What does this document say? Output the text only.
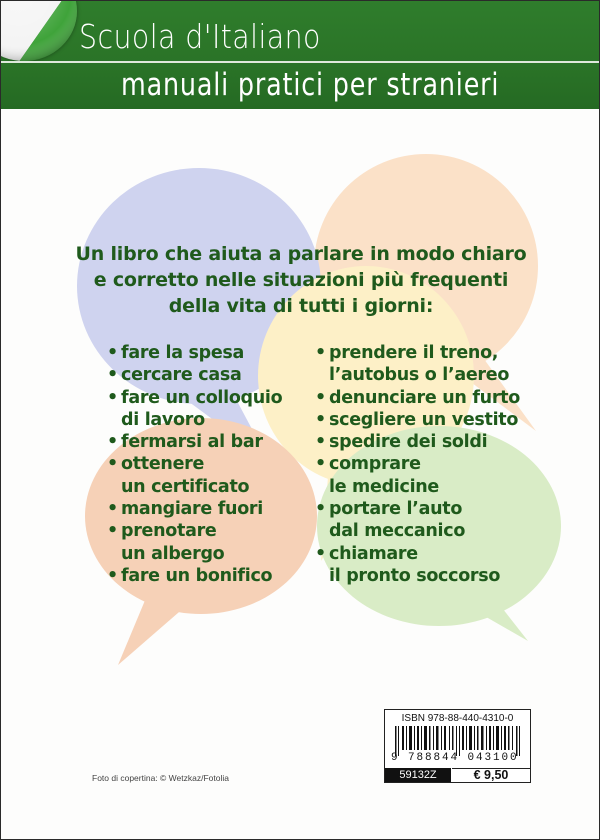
Scuola d'Italiano
manuali pratici per stranieri
Un libro che aiuta a parlare in modo chiaro
e corretto nelle situazioni più frequenti
della vita di tutti i giorni:
• fare la spesa
• cercare casa
• fare un colloquio
di lavoro
• fermarsi al bar
• ottenere
un certificato
• mangiare fuori
• prenotare
un albergo
• fare un bonifico
• prendere il treno,
l’autobus o l’aereo
• denunciare un furto
• scegliere un vestito
• spedire dei soldi
• comprare
le medicine
• portare l’auto
dal meccanico
• chiamare
il pronto soccorso
Foto di copertina: © Wetzkaz/Fotolia
ISBN 978-88-440-4310-0
9 788844 043100
59132Z	€ 9,50
